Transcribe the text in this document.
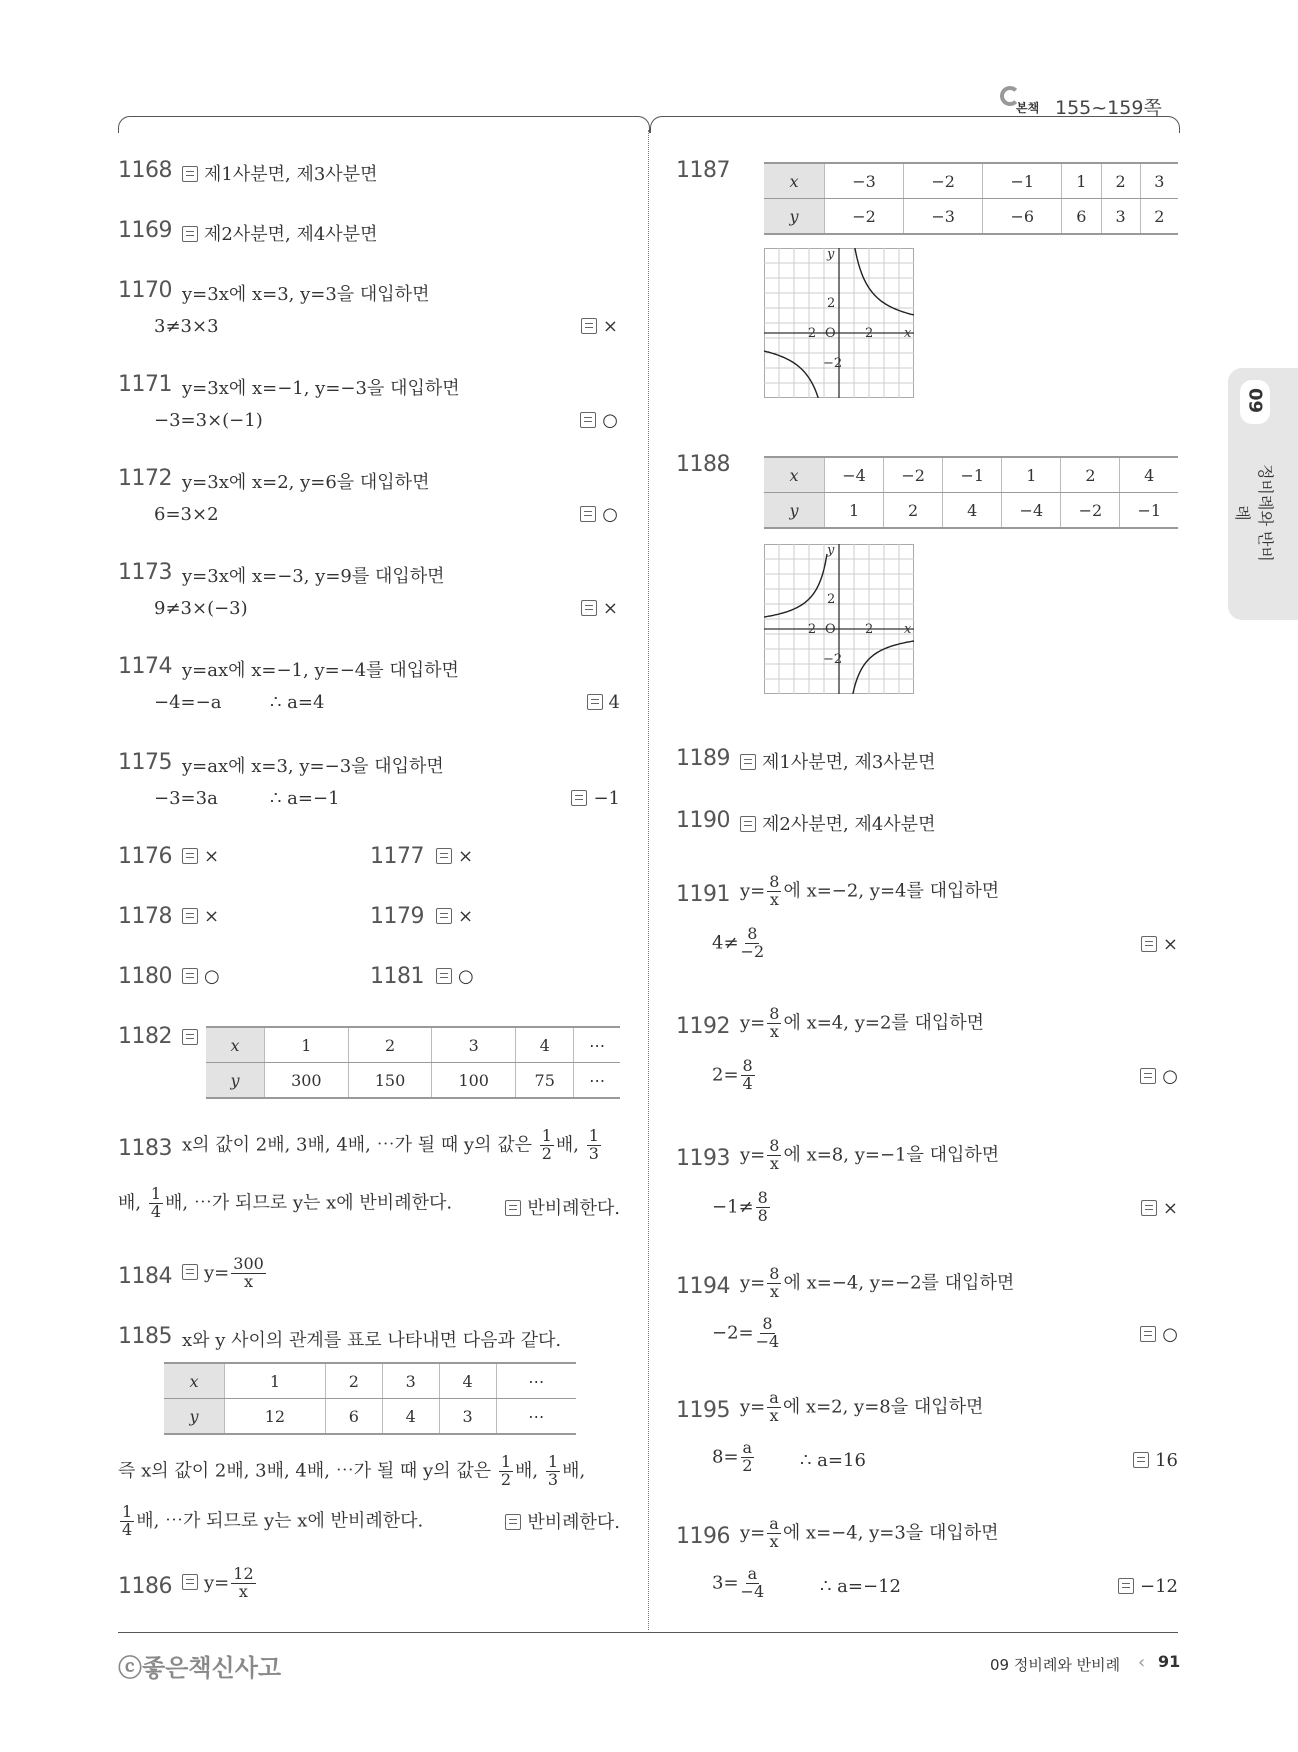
본책 155~159쪽
09
정비례와 반비례
1168	제1사분면, 제3사분면
1169	제2사분면, 제4사분면
1170 y=3x에 x=3, y=3을 대입하면
3≠3×3	×
1171 y=3x에 x=−1, y=−3을 대입하면
−3=3×(−1)	○
1172 y=3x에 x=2, y=6을 대입하면
6=3×2	○
1173 y=3x에 x=−3, y=9를 대입하면
9≠3×(−3)	×
1174 y=ax에 x=−1, y=−4를 대입하면
−4=−a	∴ a=4	4
1175 y=ax에 x=3, y=−3을 대입하면
−3=3a	∴ a=−1	−1
1176	×	1177	×
1178	×	1179	×
1180	○	1181	○
1182
	x	1	2	3	4	⋯
y	300	150	100	75	⋯
1183 x의 값이 2배, 3배, 4배, ⋯가 될 때 y의 값은 $\frac{1}{2}$ 배, $\frac{1}{3}$
배, $\frac{1}{4}$ 배, ⋯가 되므로 y는 x에 반비례한다.	반비례한다.
1184	$y= \frac{300}{x}$
1185 x와 y 사이의 관계를 표로 나타내면 다음과 같다.
x	1	2	3	4	⋯
y	12	6	4	3	⋯
즉 x의 값이 2배, 3배, 4배, ⋯가 될 때 y의 값은 $\frac{1}{2}$ 배, $\frac{1}{3}$ 배,
$\frac{1}{4}$ 배, ⋯가 되므로 y는 x에 반비례한다.	반비례한다.
1186	$y= \frac{12}{x}$
1187
	x	−3	−2	−1	1	2	3
y	−2	−3	−6	6	3	2
−2 O 2
2
−2
x
y
1188	x	−4	−2	−1	1	2	4
y	1	2	4	−4	−2	−1
−2 O 2
2
−2
x
y
1189	제1사분면, 제3사분면
1190	제2사분면, 제4사분면
1191 $y= \frac{8}{x}$ 에 x=−2, y=4를 대입하면
$4\ne \frac{8}{-2}$	×
1192 $y= \frac{8}{x}$ 에 x=4, y=2를 대입하면
$2= \frac{8}{4}$	○
1193 $y= \frac{8}{x}$ 에 x=8, y=−1을 대입하면
$-1\ne \frac{8}{8}$	×
1194 $y= \frac{8}{x}$ 에 x=−4, y=−2를 대입하면
$-2= \frac{8}{-4}$	○
1195 $y= \frac{a}{x}$ 에 x=2, y=8을 대입하면
$8= \frac{a}{2}$	∴ a=16	16
1196 $y= \frac{a}{x}$ 에 x=−4, y=3을 대입하면
$3= \frac{a}{-4}$	∴ a=−12	−12
ⓒ좋은책신사고	09 정비례와 반비례 ‹ 91
